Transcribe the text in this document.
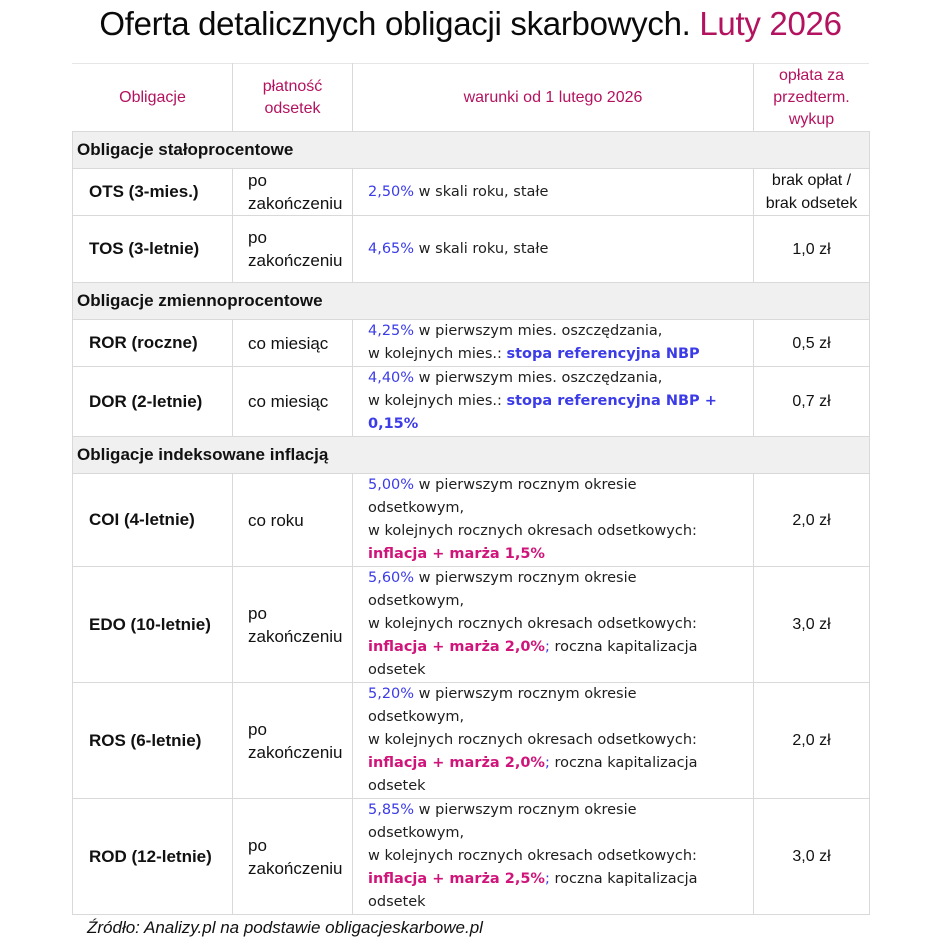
Oferta detalicznych obligacji skarbowych. Luty 2026
Obligacje	płatność odsetek	warunki od 1 lutego 2026	opłata za przedterm. wykup

Obligacje stałoprocentowe			
OTS (3-mies.)	po zakończeniu	2,50% w skali roku, stałe	brak opłat / brak odsetek

TOS (3-letnie)	po zakończeniu	4,65% w skali roku, stałe	1,0 zł
Obligacje zmiennoprocentowe			
ROR (roczne)	co miesiąc	4,25% w pierwszym mies. oszczędzania,
w kolejnych mies.: stopa referencyjna NBP	0,5 zł
DOR (2-letnie)	co miesiąc	4,40% w pierwszym mies. oszczędzania,
w kolejnych mies.: stopa referencyjna NBP + 0,15%	0,7 zł
Obligacje indeksowane inflacją			
COI (4-letnie)	co roku	5,00% w pierwszym rocznym okresie odsetkowym,
w kolejnych rocznych okresach odsetkowych:
inflacja + marża 1,5%	2,0 zł
EDO (10-letnie)	po zakończeniu	5,60% w pierwszym rocznym okresie odsetkowym,
w kolejnych rocznych okresach odsetkowych:
inflacja + marża 2,0%; roczna kapitalizacja odsetek	3,0 zł
ROS (6-letnie)	po zakończeniu	5,20% w pierwszym rocznym okresie odsetkowym,
w kolejnych rocznych okresach odsetkowych:
inflacja + marża 2,0%; roczna kapitalizacja odsetek	2,0 zł
ROD (12-letnie)	po zakończeniu	5,85% w pierwszym rocznym okresie odsetkowym,
w kolejnych rocznych okresach odsetkowych:
inflacja + marża 2,5%; roczna kapitalizacja odsetek	3,0 zł
Źródło: Analizy.pl na podstawie obligacjeskarbowe.pl
